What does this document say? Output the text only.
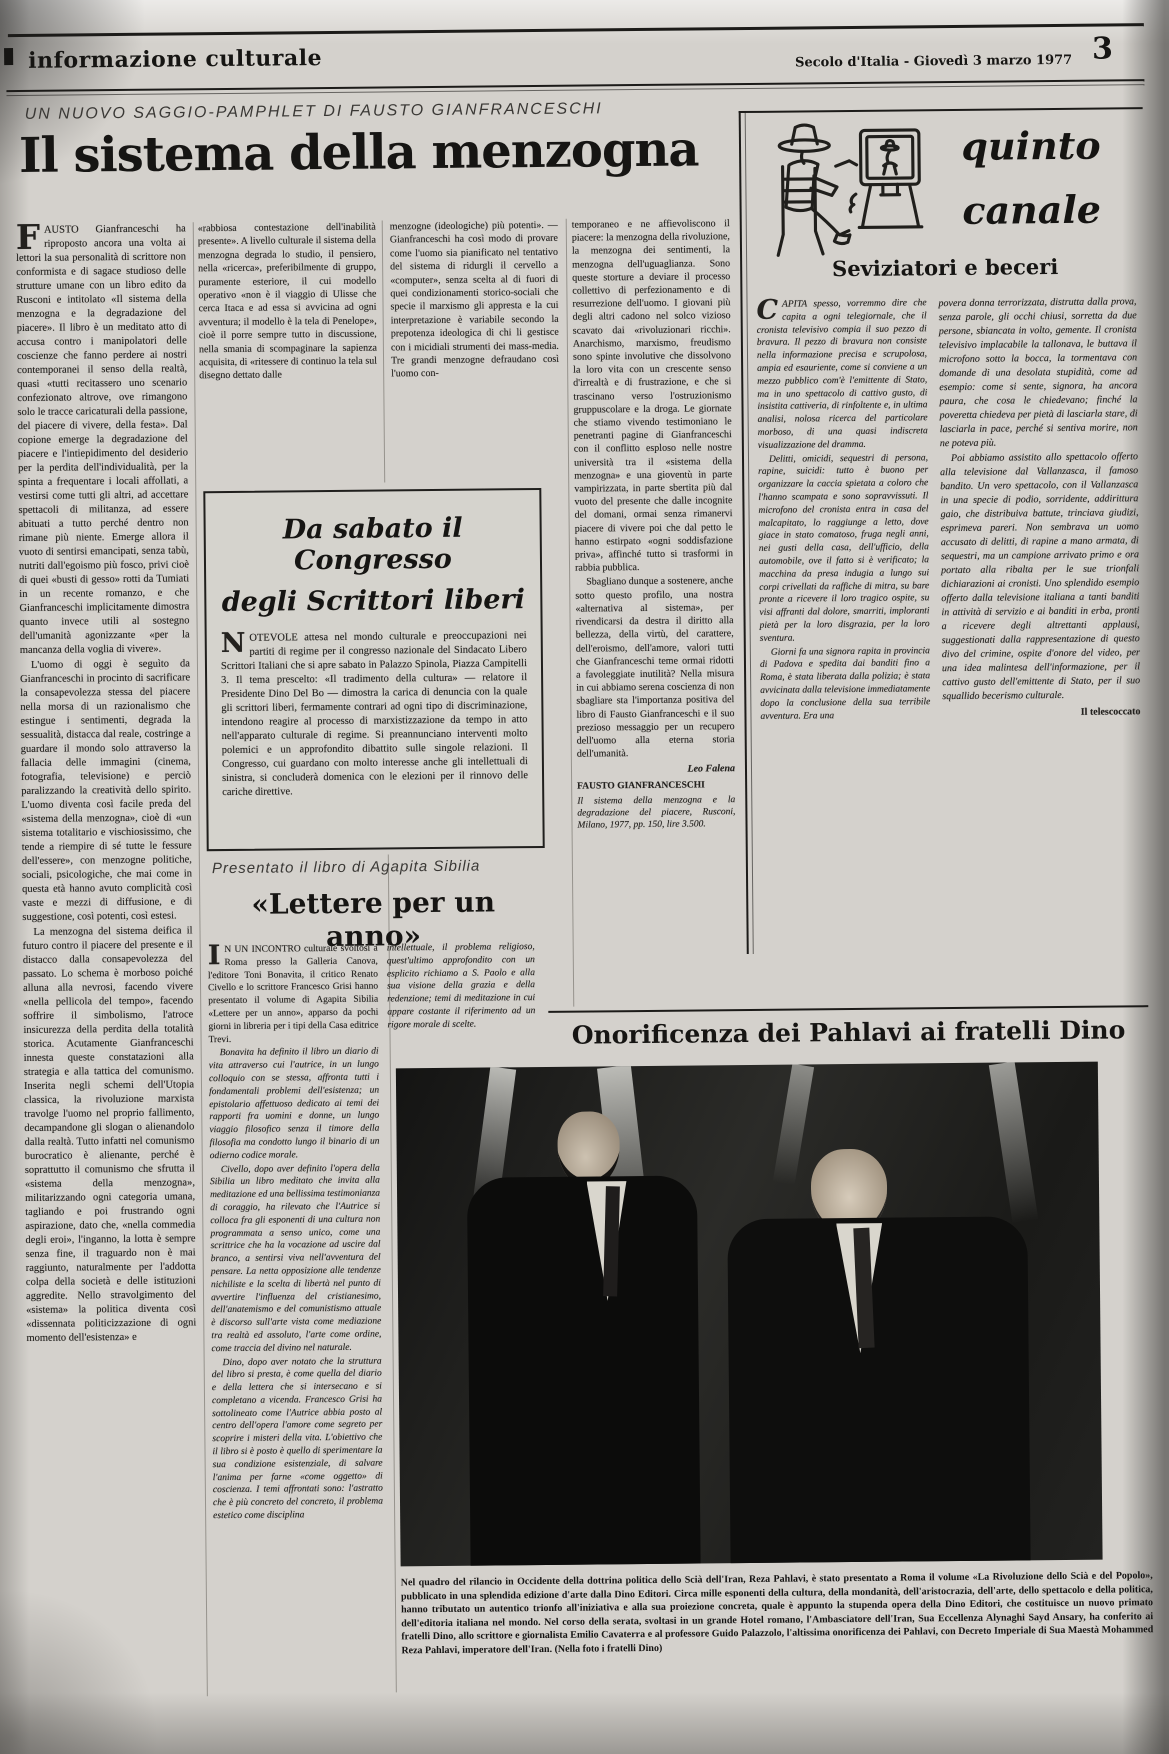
informazione culturale	Secolo d'Italia - Giovedì 3 marzo 1977 3
UN NUOVO SAGGIO-PAMPHLET DI FAUSTO GIANFRANCESCHI
Il sistema della menzogna

FAUSTO Gianfranceschi ha riproposto ancora una volta ai lettori la sua personalità di scrittore non conformista e di sagace studioso delle strutture umane con un libro edito da Rusconi e intitolato «Il sistema della menzogna e la degradazione del piacere». Il libro è un meditato atto di accusa contro i manipolatori delle coscienze che fanno perdere ai nostri contemporanei il senso della realtà, quasi «tutti recitassero uno scenario confezionato altrove, ove rimangono solo le tracce caricaturali della passione, del piacere di vivere, della festa». Dal copione emerge la degradazione del piacere e l'intiepidimento del desiderio per la perdita dell'individualità, per la spinta a frequentare i locali affollati, a vestirsi come tutti gli altri, ad accettare spettacoli di militanza, ad essere abituati a tutto perché dentro non rimane più niente. Emerge allora il vuoto di sentirsi emancipati, senza tabù, nutriti dall'egoismo più fosco, privi cioè di quei «busti di gesso» rotti da Tumiati in un recente romanzo, e che Gianfranceschi implicitamente dimostra quanto invece utili al sostegno dell'umanità agonizzante «per la mancanza della voglia di vivere».

L'uomo di oggi è seguìto da Gianfranceschi in procinto di sacrificare la consapevolezza stessa del piacere nella morsa di un razionalismo che estingue i sentimenti, degrada la sessualità, distacca dal reale, costringe a guardare il mondo solo attraverso la fallacia delle immagini (cinema, fotografia, televisione) e perciò paralizzando la creatività dello spirito. L'uomo diventa così facile preda del «sistema della menzogna», cioè di «un sistema totalitario e vischiosissimo, che tende a riempire di sé tutte le fessure dell'essere», con menzogne politiche, sociali, psicologiche, che mai come in questa età hanno avuto complicità così vaste e mezzi di diffusione, e di suggestione, così potenti, così estesi.

La menzogna del sistema deifica il futuro contro il piacere del presente e il distacco dalla consapevolezza del passato. Lo schema è morboso poiché alluna alla nevrosi, facendo vivere «nella pellicola del tempo», facendo soffrire il simbolismo, l'atroce insicurezza della perdita della totalità storica. Acutamente Gianfranceschi innesta queste constatazioni alla strategia e alla tattica del comunismo. Inserita negli schemi dell'Utopia classica, la rivoluzione marxista travolge l'uomo nel proprio fallimento, decampandone gli slogan o alienandolo dalla realtà. Tutto infatti nel comunismo burocratico è alienante, perché è soprattutto il comunismo che sfrutta il «sistema della menzogna», militarizzando ogni categoria umana, tagliando e poi frustrando ogni aspirazione, dato che, «nella commedia degli eroi», l'inganno, la lotta è sempre senza fine, il traguardo non è mai raggiunto, naturalmente per l'addotta colpa della società e delle istituzioni aggredite. Nello stravolgimento del «sistema» la politica diventa così «dissennata politicizzazione di ogni momento dell'esistenza» e

«rabbiosa contestazione dell'inabilità presente». A livello culturale il sistema della menzogna degrada lo studio, il pensiero, nella «ricerca», preferibilmente di gruppo, puramente esteriore, il cui modello operativo «non è il viaggio di Ulisse che cerca Itaca e ad essa si avvicina ad ogni avventura; il modello è la tela di Penelope», cioè il porre sempre tutto in discussione, nella smania di scompaginare la sapienza acquisita, di «ritessere di continuo la tela sul disegno dettato dalle

menzogne (ideologiche) più potenti». — Gianfranceschi ha così modo di provare come l'uomo sia pianificato nel tentativo del sistema di ridurgli il cervello a «computer», senza scelta al di fuori di quei condizionamenti storico-sociali che specie il marxismo gli appresta e la cui interpretazione è variabile secondo la prepotenza ideologica di chi li gestisce con i micidiali strumenti dei mass-media. Tre grandi menzogne defraudano così l'uomo con-

temporaneo e ne affievoliscono il piacere: la menzogna della rivoluzione, la menzogna dei sentimenti, la menzogna dell'uguaglianza. Sono queste storture a deviare il processo collettivo di perfezionamento e di resurrezione dell'uomo. I giovani più degli altri cadono nel solco vizioso scavato dai «rivoluzionari ricchi». Anarchismo, marxismo, freudismo sono spinte involutive che dissolvono la loro vita con un crescente senso d'irrealtà e di frustrazione, e che si trascinano verso l'ostruzionismo gruppuscolare e la droga. Le giornate che stiamo vivendo testimoniano le penetranti pagine di Gianfranceschi con il conflitto esploso nelle nostre università tra il «sistema della menzogna» e una gioventù in parte vampirizzata, in parte sbertita più dal vuoto del presente che dalle incognite del domani, ormai senza rimanervi piacere di vivere poi che dal petto le hanno estirpato «ogni soddisfazione priva», affinché tutto si trasformi in rabbia pubblica.

Sbagliano dunque a sostenere, anche sotto questo profilo, una nostra «alternativa al sistema», per rivendicarsi da destra il diritto alla bellezza, della virtù, del carattere, dell'eroismo, dell'amore, valori tutti che Gianfranceschi teme ormai ridotti a favoleggiate inutilità? Nella misura in cui abbiamo serena coscienza di non sbagliare sta l'importanza positiva del libro di Fausto Gianfranceschi e il suo prezioso messaggio per un recupero dell'uomo alla eterna storia dell'umanità.

Leo Falena
FAUSTO GIANFRANCESCHI
Il sistema della menzogna e la degradazione del piacere, Rusconi, Milano, 1977, pp. 150, lire 3.500.
Da sabato il Congresso
degli Scrittori liberi

NOTEVOLE attesa nel mondo culturale e preoccupazioni nei partiti di regime per il congresso nazionale del Sindacato Libero Scrittori Italiani che si apre sabato in Palazzo Spinola, Piazza Campitelli 3. Il tema prescelto: «Il tradimento della cultura» — relatore il Presidente Dino Del Bo — dimostra la carica di denuncia con la quale gli scrittori liberi, fermamente contrari ad ogni tipo di discriminazione, intendono reagire al processo di marxistizzazione da tempo in atto nell'apparato culturale di regime. Si preannunciano interventi molto polemici e un approfondito dibattito sulle singole relazioni. Il Congresso, cui guardano con molto interesse anche gli intellettuali di sinistra, si concluderà domenica con le elezioni per il rinnovo delle cariche direttive.

Presentato il libro di Agapita Sibilia
«Lettere per un anno»

I N UN INCONTRO culturale svoltosi a Roma presso la Galleria Canova, l'editore Toni Bonavita, il critico Renato Civello e lo scrittore Francesco Grisi hanno presentato il volume di Agapita Sibilia «Lettere per un anno», apparso da pochi giorni in libreria per i tipi della Casa editrice Trevi.

Bonavita ha definito il libro un diario di vita attraverso cui l'autrice, in un lungo colloquio con se stessa, affronta tutti i fondamentali problemi dell'esistenza; un epistolario affettuoso dedicato ai temi dei rapporti fra uomini e donne, un lungo viaggio filosofico senza il timore della filosofia ma condotto lungo il binario di un odierno codice morale.

Civello, dopo aver definito l'opera della Sibilia un libro meditato che invita alla meditazione ed una bellissima testimonianza di coraggio, ha rilevato che l'Autrice si colloca fra gli esponenti di una cultura non programmata a senso unico, come una scrittrice che ha la vocazione ad uscire dal branco, a sentirsi viva nell'avventura del pensare. La netta opposizione alle tendenze nichiliste e la scelta di libertà nel punto di avvertire l'influenza del cristianesimo, dell'anatemismo e del comunistismo attuale è discorso sull'arte vista come mediazione tra realtà ed assoluto, l'arte come ordine, come traccia del divino nel naturale.

Dino, dopo aver notato che la struttura del libro si presta, è come quella del diario e della lettera che si intersecano e si completano a vicenda. Francesco Grisi ha sottolineato come l'Autrice abbia posto al centro dell'opera l'amore come segreto per scoprire i misteri della vita. L'obiettivo che il libro si è posto è quello di sperimentare la sua condizione esistenziale, di salvare l'anima per farne «come oggetto» di coscienza. I temi affrontati sono: l'astratto che è più concreto del concreto, il problema estetico come disciplina

intellettuale, il problema religioso, quest'ultimo approfondito con un esplicito richiamo a S. Paolo e alla sua visione della grazia e della redenzione; temi di meditazione in cui appare costante il riferimento ad un rigore morale di scelte.

quinto
canale
Seviziatori e beceri

CAPITA spesso, vorremmo dire che capita a ogni telegiornale, che il cronista televisivo compia il suo pezzo di bravura. Il pezzo di bravura non consiste nella informazione precisa e scrupolosa, ampia ed esauriente, come si conviene a un mezzo pubblico com'è l'emittente di Stato, ma in uno spettacolo di cattivo gusto, di insistita cattiveria, di rinfoltente e, in ultima analisi, nolosa ricerca del particolare morboso, di una quasi indiscreta visualizzazione del dramma.

Delitti, omicidi, sequestri di persona, rapine, suicidi: tutto è buono per organizzare la caccia spietata a coloro che l'hanno scampata e sono sopravvissuti. Il microfono del cronista entra in casa del malcapitato, lo raggiunge a letto, dove giace in stato comatoso, fruga negli anni, nei gusti della casa, dell'ufficio, della automobile, ove il fatto si è verificato; la macchina da presa indugia a lungo sui corpi crivellati da raffiche di mitra, su bare pronte a ricevere il loro tragico ospite, su visi affranti dal dolore, smarriti, imploranti pietà per la loro disgrazia, per la loro sventura.

Giorni fa una signora rapita in provincia di Padova e spedita dai banditi fino a Roma, è stata liberata dalla polizia; è stata avvicinata dalla televisione immediatamente dopo la conclusione della sua terribile avventura. Era una

povera donna terrorizzata, distrutta dalla prova, senza parole, gli occhi chiusi, sorretta da due persone, sbiancata in volto, gemente. Il cronista televisivo implacabile la tallonava, le buttava il microfono sotto la bocca, la tormentava con domande di una desolata stupidità, come ad esempio: come si sente, signora, ha ancora paura, che cosa le chiedevano; finché la poveretta chiedeva per pietà di lasciarla stare, di lasciarla in pace, perché si sentiva morire, non ne poteva più.

Poi abbiamo assistito allo spettacolo offerto alla televisione dal Vallanzasca, il famoso bandito. Un vero spettacolo, con il Vallanzasca in una specie di podio, sorridente, addirittura gaio, che distribuiva battute, trinciava giudizi, esprimeva pareri. Non sembrava un uomo accusato di delitti, di rapine a mano armata, di sequestri, ma un campione arrivato primo e ora portato alla ribalta per le sue trionfali dichiarazioni ai cronisti. Uno splendido esempio offerto dalla televisione italiana a tanti banditi in attività di servizio e ai banditi in erba, pronti a ricevere degli altrettanti applausi, suggestionati dalla rappresentazione di questo divo del crimine, ospite d'onore del video, per una idea malintesa dell'informazione, per il cattivo gusto dell'emittente di Stato, per il suo squallido becerismo culturale.

Il telescoccato
Onorificenza dei Pahlavi ai fratelli Dino
Nel quadro del rilancio in Occidente della dottrina politica dello Scià dell'Iran, Reza Pahlavi, è stato presentato a Roma il volume «La Rivoluzione dello Scià e del Popolo», pubblicato in una splendida edizione d'arte dalla Dino Editori. Circa mille esponenti della cultura, della mondanità, dell'aristocrazia, dell'arte, dello spettacolo e della politica, hanno tributato un autentico trionfo all'iniziativa e alla sua proiezione concreta, quale è appunto la stupenda opera della Dino Editori, che costituisce un nuovo primato dell'editoria italiana nel mondo. Nel corso della serata, svoltasi in un grande Hotel romano, l'Ambasciatore dell'Iran, Sua Eccellenza Alynaghi Sayd Ansary, ha conferito ai fratelli Dino, allo scrittore e giornalista Emilio Cavaterra e al professore Guido Palazzolo, l'altissima onorificenza dei Pahlavi, con Decreto Imperiale di Sua Maestà Mohammed Reza Pahlavi, imperatore dell'Iran. (Nella foto i fratelli Dino)
